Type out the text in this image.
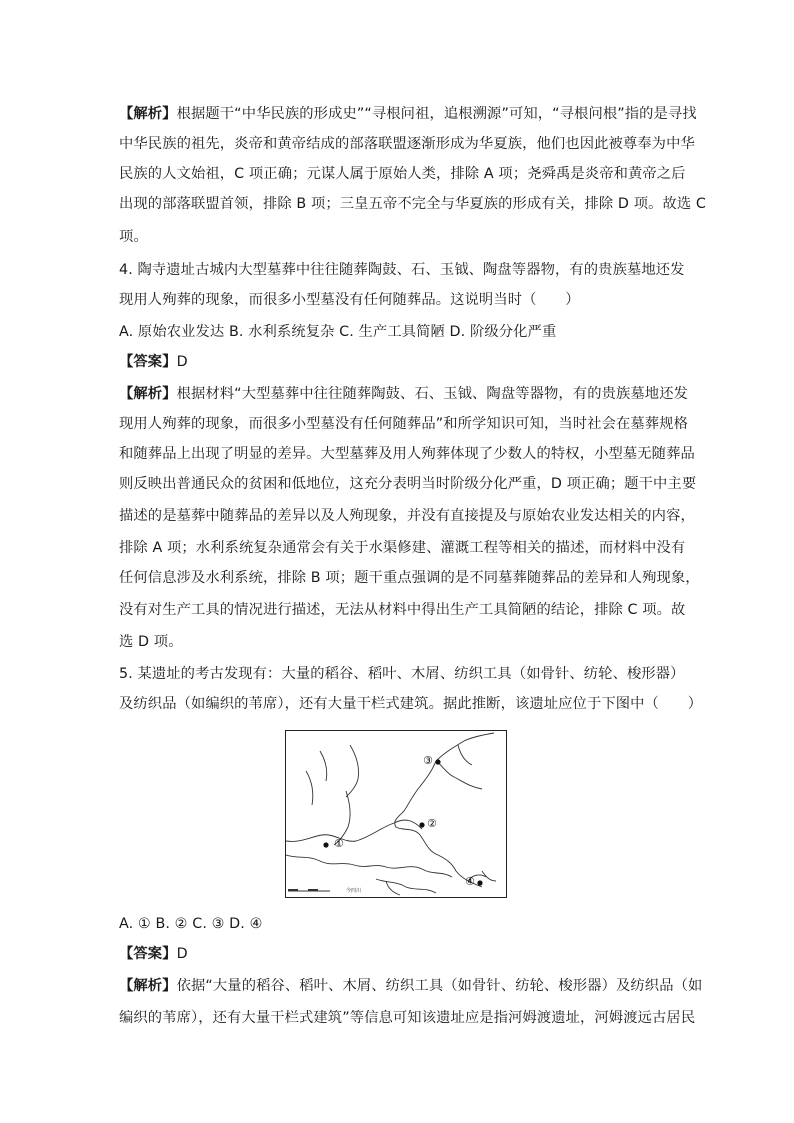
【解析】根据题干“中华民族的形成史”“寻根问祖，追根溯源”可知，“寻根问根”指的是寻找
中华民族的祖先，炎帝和黄帝结成的部落联盟逐渐形成为华夏族，他们也因此被尊奉为中华
民族的人文始祖，C 项正确；元谋人属于原始人类，排除 A 项；尧舜禹是炎帝和黄帝之后
出现的部落联盟首领，排除 B 项；三皇五帝不完全与华夏族的形成有关，排除 D 项。故选 C
项。
4. 陶寺遗址古城内大型墓葬中往往随葬陶鼓、石、玉钺、陶盘等器物，有的贵族墓地还发
现用人殉葬的现象，而很多小型墓没有任何随葬品。这说明当时（　　）
A. 原始农业发达 B. 水利系统复杂 C. 生产工具简陋 D. 阶级分化严重
【答案】D
【解析】根据材料“大型墓葬中往往随葬陶鼓、石、玉钺、陶盘等器物，有的贵族墓地还发
现用人殉葬的现象，而很多小型墓没有任何随葬品”和所学知识可知，当时社会在墓葬规格
和随葬品上出现了明显的差异。大型墓葬及用人殉葬体现了少数人的特权，小型墓无随葬品
则反映出普通民众的贫困和低地位，这充分表明当时阶级分化严重，D 项正确；题干中主要
描述的是墓葬中随葬品的差异以及人殉现象，并没有直接提及与原始农业发达相关的内容，
排除 A 项；水利系统复杂通常会有关于水渠修建、灌溉工程等相关的描述，而材料中没有
任何信息涉及水利系统，排除 B 项；题干重点强调的是不同墓葬随葬品的差异和人殉现象，
没有对生产工具的情况进行描述，无法从材料中得出生产工具简陋的结论，排除 C 项。故
选 D 项。
5. 某遗址的考古发现有：大量的稻谷、稻叶、木屑、纺织工具（如骨针、纺轮、梭形器）
及纺织品（如编织的苇席），还有大量干栏式建筑。据此推断，该遗址应位于下图中（　　）
①
②
③
④
今四川
A. ① B. ② C. ③ D. ④
【答案】D
【解析】依据“大量的稻谷、稻叶、木屑、纺织工具（如骨针、纺轮、梭形器）及纺织品（如
编织的苇席），还有大量干栏式建筑”等信息可知该遗址应是指河姆渡遗址，河姆渡远古居民
